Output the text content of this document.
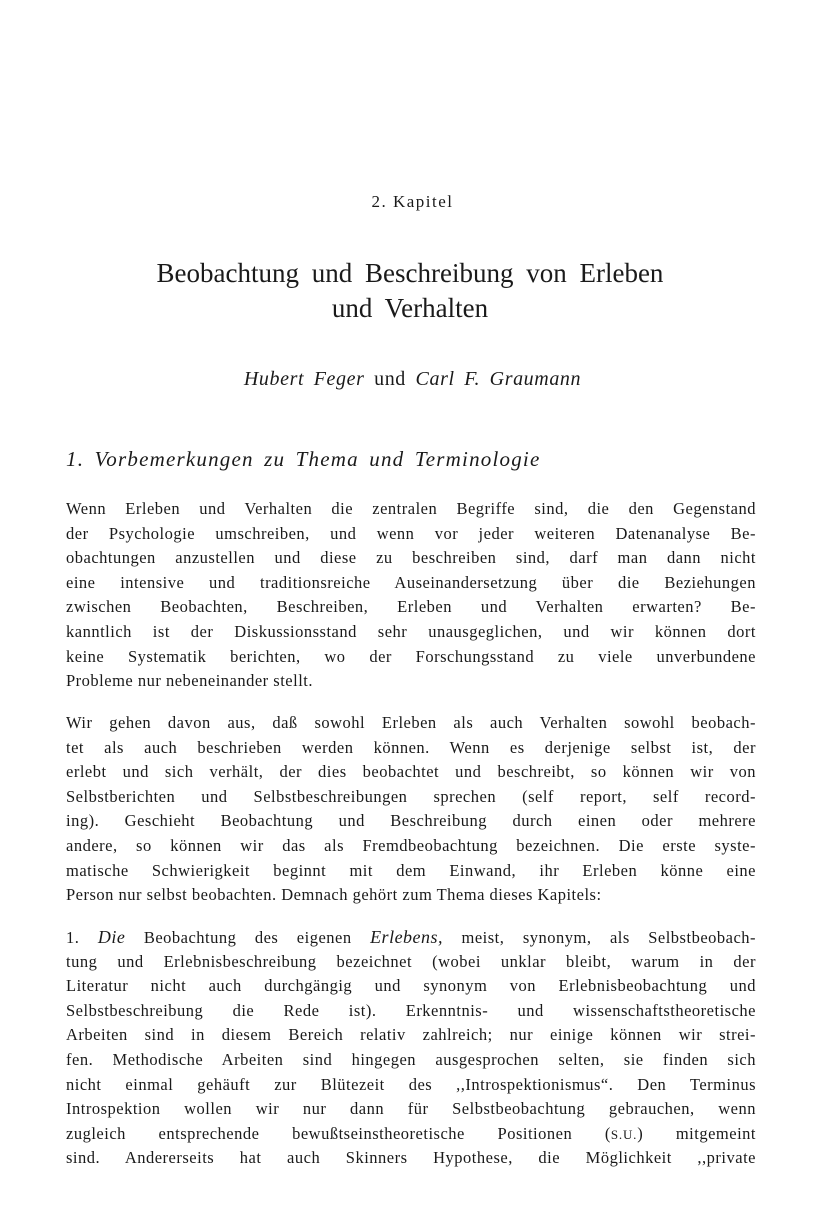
2. Kapitel
Beobachtung und Beschreibung von Erleben
und Verhalten
Hubert Feger und Carl F. Graumann
1. Vorbemerkungen zu Thema und Terminologie
Wenn Erleben und Verhalten die zentralen Begriffe sind, die den Gegenstand
der Psychologie umschreiben, und wenn vor jeder weiteren Datenanalyse Be-
obachtungen anzustellen und diese zu beschreiben sind, darf man dann nicht
eine intensive und traditionsreiche Auseinandersetzung über die Beziehungen
zwischen Beobachten, Beschreiben, Erleben und Verhalten erwarten? Be-
kanntlich ist der Diskussionsstand sehr unausgeglichen, und wir können dort
keine Systematik berichten, wo der Forschungsstand zu viele unverbundene
Probleme nur nebeneinander stellt.
Wir gehen davon aus, daß sowohl Erleben als auch Verhalten sowohl beobach-
tet als auch beschrieben werden können. Wenn es derjenige selbst ist, der
erlebt und sich verhält, der dies beobachtet und beschreibt, so können wir von
Selbstberichten und Selbstbeschreibungen sprechen (self report, self record-
ing). Geschieht Beobachtung und Beschreibung durch einen oder mehrere
andere, so können wir das als Fremdbeobachtung bezeichnen. Die erste syste-
matische Schwierigkeit beginnt mit dem Einwand, ihr Erleben könne eine
Person nur selbst beobachten. Demnach gehört zum Thema dieses Kapitels:
1. Die Beobachtung des eigenen Erlebens, meist, synonym, als Selbstbeobach-
tung und Erlebnisbeschreibung bezeichnet (wobei unklar bleibt, warum in der
Literatur nicht auch durchgängig und synonym von Erlebnisbeobachtung und
Selbstbeschreibung die Rede ist). Erkenntnis- und wissenschaftstheoretische
Arbeiten sind in diesem Bereich relativ zahlreich; nur einige können wir strei-
fen. Methodische Arbeiten sind hingegen ausgesprochen selten, sie finden sich
nicht einmal gehäuft zur Blütezeit des ,,Introspektionismus“. Den Terminus
Introspektion wollen wir nur dann für Selbstbeobachtung gebrauchen, wenn
zugleich entsprechende bewußtseinstheoretische Positionen (S.U.) mitgemeint
sind. Andererseits hat auch Skinners Hypothese, die Möglichkeit ,,private
